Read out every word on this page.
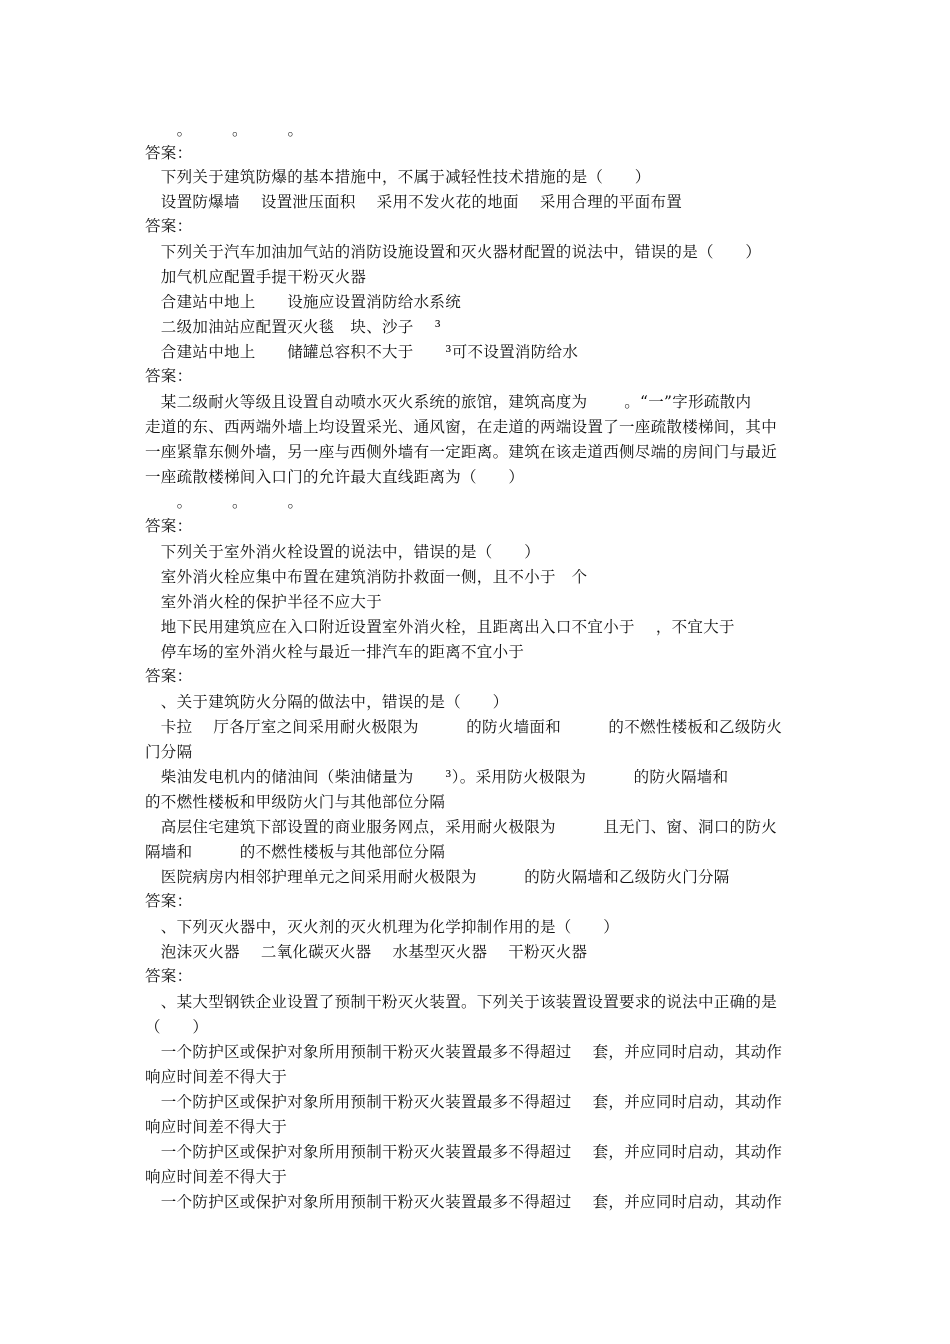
　　。　　　。　　　。
答案：
　下列关于建筑防爆的基本措施中，不属于减轻性技术措施的是（　　）
　设置防爆墙　 设置泄压面积　 采用不发火花的地面　 采用合理的平面布置
答案：
　下列关于汽车加油加气站的消防设施设置和灭火器材配置的说法中，错误的是（　　）
　加气机应配置手提干粉灭火器
　合建站中地上　　设施应设置消防给水系统
　二级加油站应配置灭火毯　块、沙子　 ³
　合建站中地上　　储罐总容积不大于　　³可不设置消防给水
答案：
　某二级耐火等级且设置自动喷水灭火系统的旅馆，建筑高度为　　 。“一”字形疏散内
走道的东、西两端外墙上均设置采光、通风窗，在走道的两端设置了一座疏散楼梯间，其中
一座紧靠东侧外墙，另一座与西侧外墙有一定距离。建筑在该走道西侧尽端的房间门与最近
一座疏散楼梯间入口门的允许最大直线距离为（　　）
　　。　　　。　　　。
答案：
　下列关于室外消火栓设置的说法中，错误的是（　　）
　室外消火栓应集中布置在建筑消防扑救面一侧，且不小于　个
　室外消火栓的保护半径不应大于
　地下民用建筑应在入口附近设置室外消火栓，且距离出入口不宜小于　 ，不宜大于
　停车场的室外消火栓与最近一排汽车的距离不宜小于
答案：
　、关于建筑防火分隔的做法中，错误的是（　　）
　卡拉　 厅各厅室之间采用耐火极限为　　　的防火墙面和　　　的不燃性楼板和乙级防火
门分隔
　柴油发电机内的储油间（柴油储量为　　³）。采用防火极限为　　　的防火隔墙和
的不燃性楼板和甲级防火门与其他部位分隔
　高层住宅建筑下部设置的商业服务网点，采用耐火极限为　　　且无门、窗、洞口的防火
隔墙和　　　的不燃性楼板与其他部位分隔
　医院病房内相邻护理单元之间采用耐火极限为　　　的防火隔墙和乙级防火门分隔
答案：
　、下列灭火器中，灭火剂的灭火机理为化学抑制作用的是（　　）
　泡沫灭火器　 二氧化碳灭火器　 水基型灭火器　 干粉灭火器
答案：
　、某大型钢铁企业设置了预制干粉灭火装置。下列关于该装置设置要求的说法中正确的是
（　　）
　一个防护区或保护对象所用预制干粉灭火装置最多不得超过　 套，并应同时启动，其动作
响应时间差不得大于
　一个防护区或保护对象所用预制干粉灭火装置最多不得超过　 套，并应同时启动，其动作
响应时间差不得大于
　一个防护区或保护对象所用预制干粉灭火装置最多不得超过　 套，并应同时启动，其动作
响应时间差不得大于
　一个防护区或保护对象所用预制干粉灭火装置最多不得超过　 套，并应同时启动，其动作
